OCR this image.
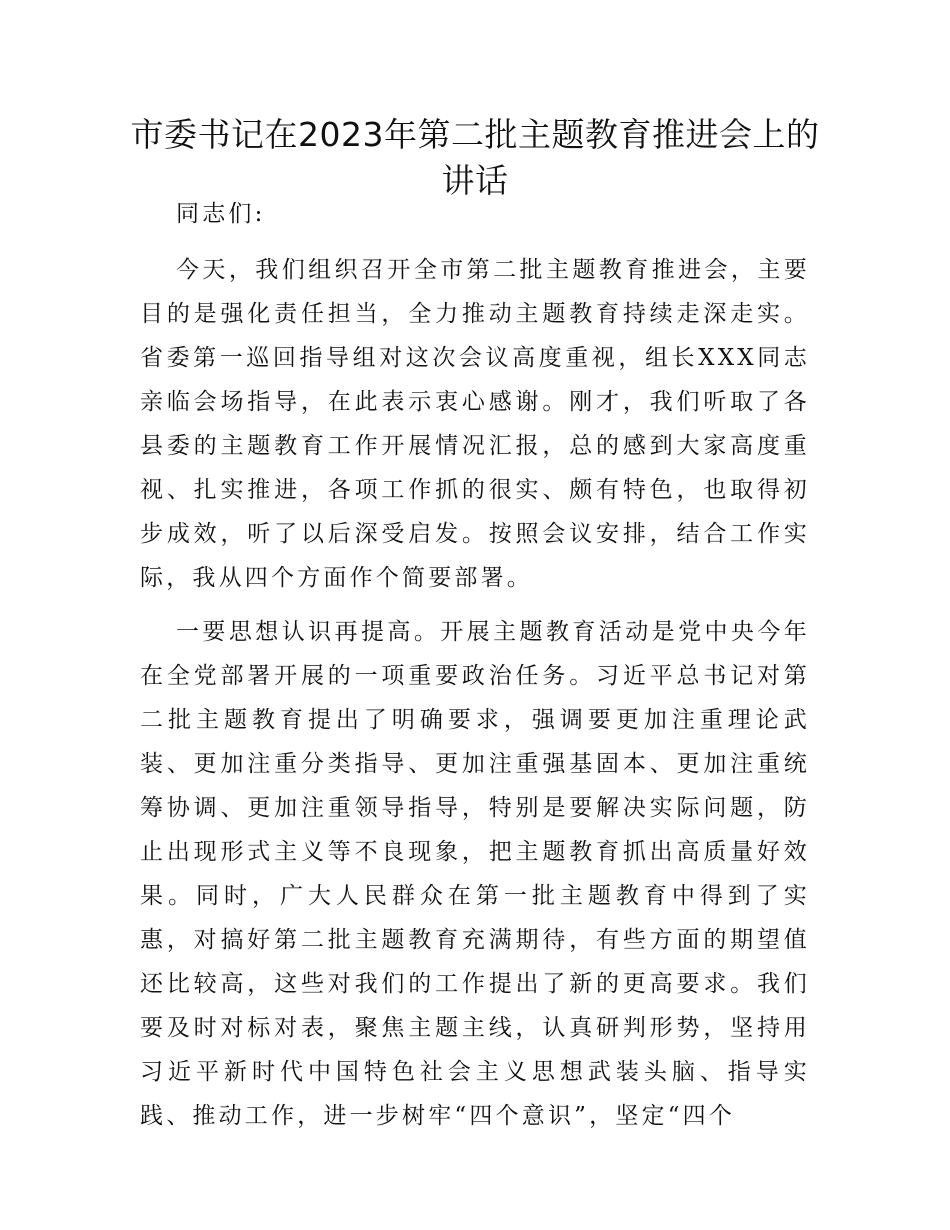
市委书记在2023年第二批主题教育推进会上的讲话

同志们:

今天，我们组织召开全市第二批主题教育推进会，主要目的是强化责任担当，全力推动主题教育持续走深走实。省委第一巡回指导组对这次会议高度重视，组长XXX同志亲临会场指导，在此表示衷心感谢。刚才，我们听取了各县委的主题教育工作开展情况汇报，总的感到大家高度重视、扎实推进，各项工作抓的很实、颇有特色，也取得初步成效，听了以后深受启发。按照会议安排，结合工作实际，我从四个方面作个简要部署。

一要思想认识再提高。开展主题教育活动是党中央今年在全党部署开展的一项重要政治任务。习近平总书记对第二批主题教育提出了明确要求，强调要更加注重理论武装、更加注重分类指导、更加注重强基固本、更加注重统筹协调、更加注重领导指导，特别是要解决实际问题，防止出现形式主义等不良现象，把主题教育抓出高质量好效果。同时，广大人民群众在第一批主题教育中得到了实惠，对搞好第二批主题教育充满期待，有些方面的期望值还比较高，这些对我们的工作提出了新的更高要求。我们要及时对标对表，聚焦主题主线，认真研判形势，坚持用习近平新时代中国特色社会主义思想武装头脑、指导实践、推动工作，进一步树牢“四个意识”，坚定“四个
